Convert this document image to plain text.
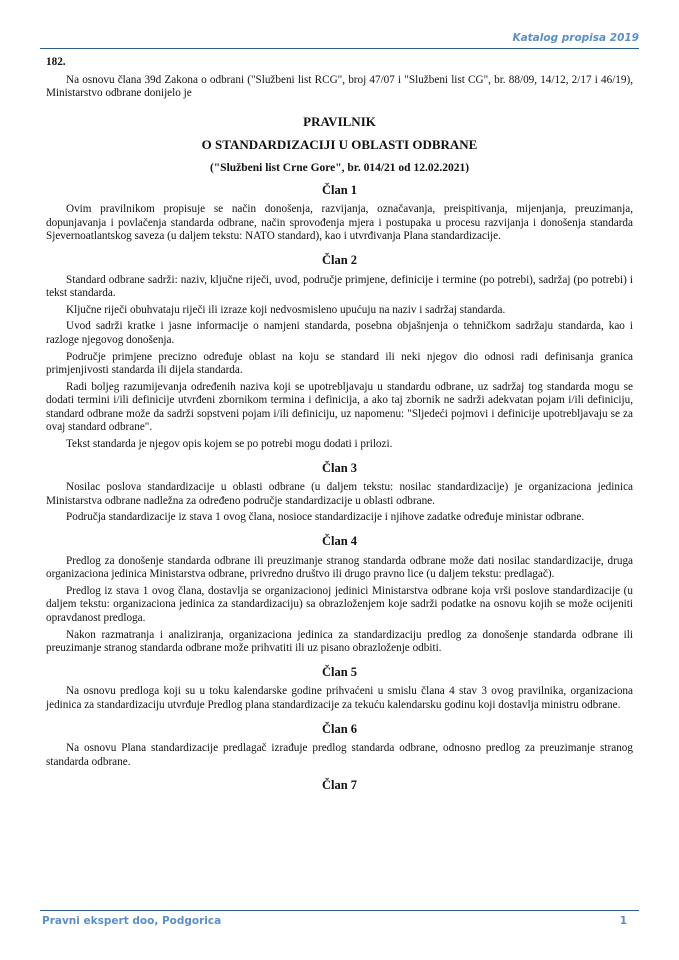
Katalog propisa 2019
182.

Na osnovu člana 39d Zakona o odbrani ("Službeni list RCG", broj 47/07 i "Službeni list CG", br. 88/09, 14/12, 2/17 i 46/19), Ministarstvo odbrane donijelo je

PRAVILNIK
O STANDARDIZACIJI U OBLASTI ODBRANE
("Službeni list Crne Gore", br. 014/21 od 12.02.2021)
Član 1

Ovim pravilnikom propisuje se način donošenja, razvijanja, označavanja, preispitivanja, mijenjanja, preuzimanja, dopunjavanja i povlačenja standarda odbrane, način sprovođenja mjera i postupaka u procesu razvijanja i donošenja standarda Sjevernoatlantskog saveza (u daljem tekstu: NATO standard), kao i utvrđivanja Plana standardizacije.

Član 2

Standard odbrane sadrži: naziv, ključne riječi, uvod, područje primjene, definicije i termine (po potrebi), sadržaj (po potrebi) i tekst standarda.

Ključne riječi obuhvataju riječi ili izraze koji nedvosmisleno upućuju na naziv i sadržaj standarda.

Uvod sadrži kratke i jasne informacije o namjeni standarda, posebna objašnjenja o tehničkom sadržaju standarda, kao i razloge njegovog donošenja.

Područje primjene precizno određuje oblast na koju se standard ili neki njegov dio odnosi radi definisanja granica primjenjivosti standarda ili dijela standarda.

Radi boljeg razumijevanja određenih naziva koji se upotrebljavaju u standardu odbrane, uz sadržaj tog standarda mogu se dodati termini i/ili definicije utvrđeni zbornikom termina i definicija, a ako taj zbornik ne sadrži adekvatan pojam i/ili definiciju, standard odbrane može da sadrži sopstveni pojam i/ili definiciju, uz napomenu: "Sljedeći pojmovi i definicije upotrebljavaju se za ovaj standard odbrane".

Tekst standarda je njegov opis kojem se po potrebi mogu dodati i prilozi.

Član 3

Nosilac poslova standardizacije u oblasti odbrane (u daljem tekstu: nosilac standardizacije) je organizaciona jedinica Ministarstva odbrane nadležna za određeno područje standardizacije u oblasti odbrane.

Područja standardizacije iz stava 1 ovog člana, nosioce standardizacije i njihove zadatke određuje ministar odbrane.

Član 4

Predlog za donošenje standarda odbrane ili preuzimanje stranog standarda odbrane može dati nosilac standardizacije, druga organizaciona jedinica Ministarstva odbrane, privredno društvo ili drugo pravno lice (u daljem tekstu: predlagač).

Predlog iz stava 1 ovog člana, dostavlja se organizacionoj jedinici Ministarstva odbrane koja vrši poslove standardizacije (u daljem tekstu: organizaciona jedinica za standardizaciju) sa obrazloženjem koje sadrži podatke na osnovu kojih se može ocijeniti opravdanost predloga.

Nakon razmatranja i analiziranja, organizaciona jedinica za standardizaciju predlog za donošenje standarda odbrane ili preuzimanje stranog standarda odbrane može prihvatiti ili uz pisano obrazloženje odbiti.

Član 5

Na osnovu predloga koji su u toku kalendarske godine prihvaćeni u smislu člana 4 stav 3 ovog pravilnika, organizaciona jedinica za standardizaciju utvrđuje Predlog plana standardizacije za tekuću kalendarsku godinu koji dostavlja ministru odbrane.

Član 6

Na osnovu Plana standardizacije predlagač izrađuje predlog standarda odbrane, odnosno predlog za preuzimanje stranog standarda odbrane.

Član 7
Pravni ekspert doo, Podgorica	1
